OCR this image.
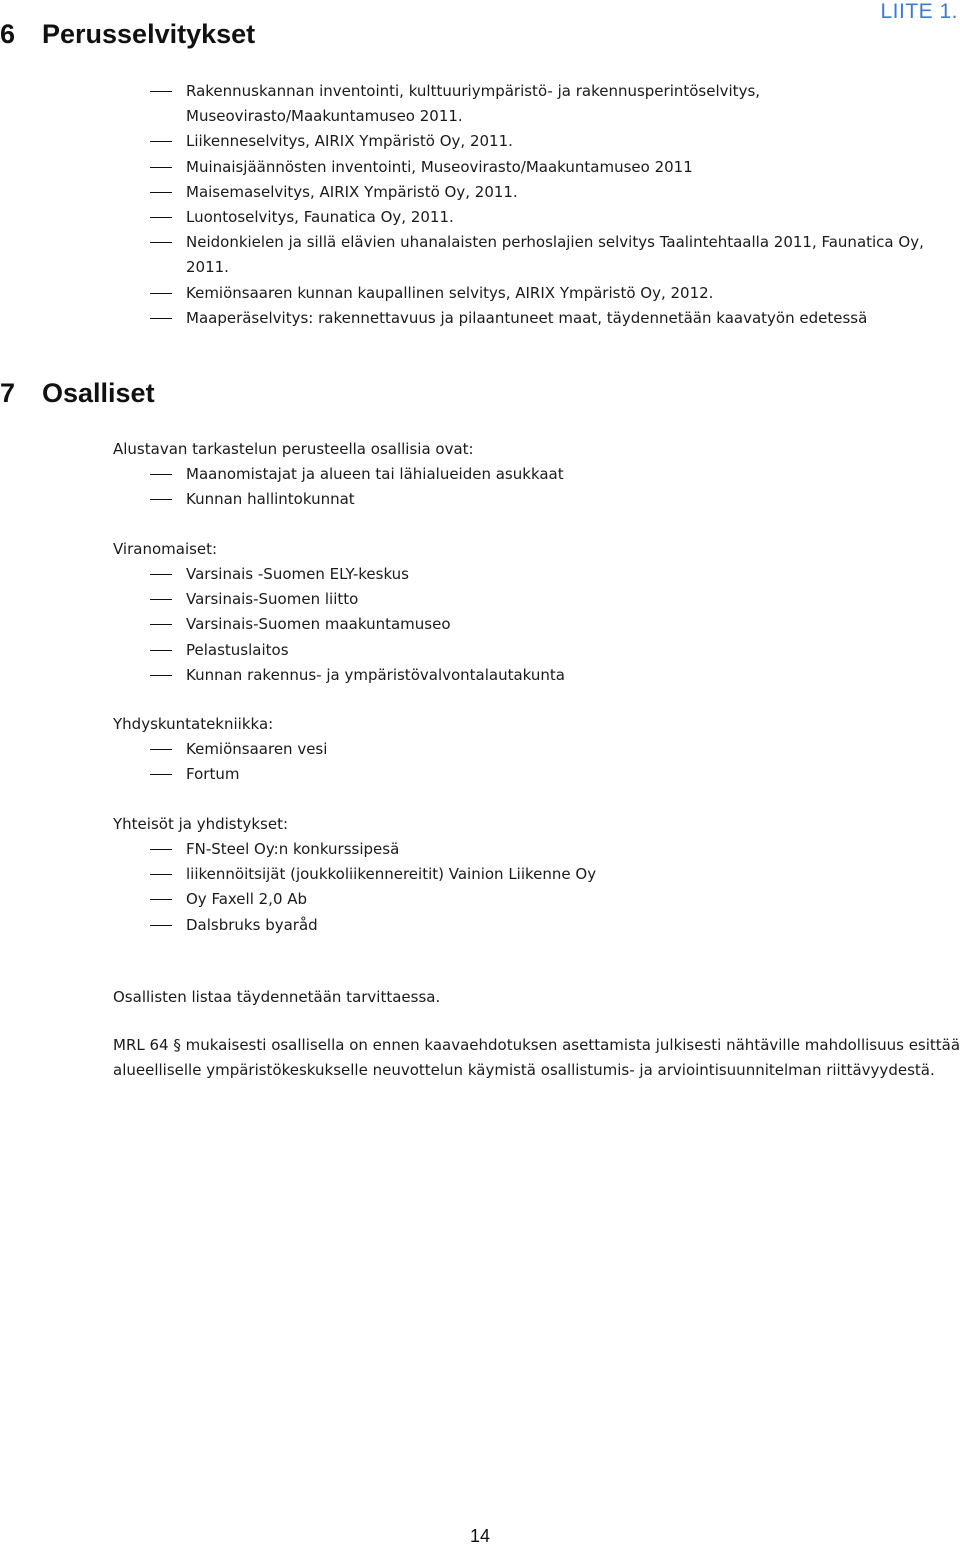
LIITE 1.
6 Perusselvitykset
Rakennuskannan inventointi, kulttuuriympäristö- ja rakennusperintöselvitys, Museovirasto/Maakuntamuseo 2011.
Liikenneselvitys, AIRIX Ympäristö Oy, 2011.
Muinaisjäännösten inventointi, Museovirasto/Maakuntamuseo 2011
Maisemaselvitys, AIRIX Ympäristö Oy, 2011.
Luontoselvitys, Faunatica Oy, 2011.
Neidonkielen ja sillä elävien uhanalaisten perhoslajien selvitys Taalintehtaalla 2011, Faunatica Oy, 2011.
Kemiönsaaren kunnan kaupallinen selvitys, AIRIX Ympäristö Oy, 2012.
Maaperäselvitys: rakennettavuus ja pilaantuneet maat, täydennetään kaavatyön edetessä
7 Osalliset

Alustavan tarkastelun perusteella osallisia ovat:

Maanomistajat ja alueen tai lähialueiden asukkaat
Kunnan hallintokunnat

Viranomaiset:

Varsinais -Suomen ELY-keskus
Varsinais-Suomen liitto
Varsinais-Suomen maakuntamuseo
Pelastuslaitos
Kunnan rakennus- ja ympäristövalvontalautakunta

Yhdyskuntatekniikka:

Kemiönsaaren vesi
Fortum

Yhteisöt ja yhdistykset:

FN-Steel Oy:n konkurssipesä
liikennöitsijät (joukkoliikennereitit) Vainion Liikenne Oy
Oy Faxell 2,0 Ab
Dalsbruks byaråd

Osallisten listaa täydennetään tarvittaessa.

MRL 64 § mukaisesti osallisella on ennen kaavaehdotuksen asettamista julkisesti nähtäville mahdollisuus esittää alueelliselle ympäristökeskukselle neuvottelun käymistä osallistumis- ja arviointisuunnitelman riittävyydestä.

14
